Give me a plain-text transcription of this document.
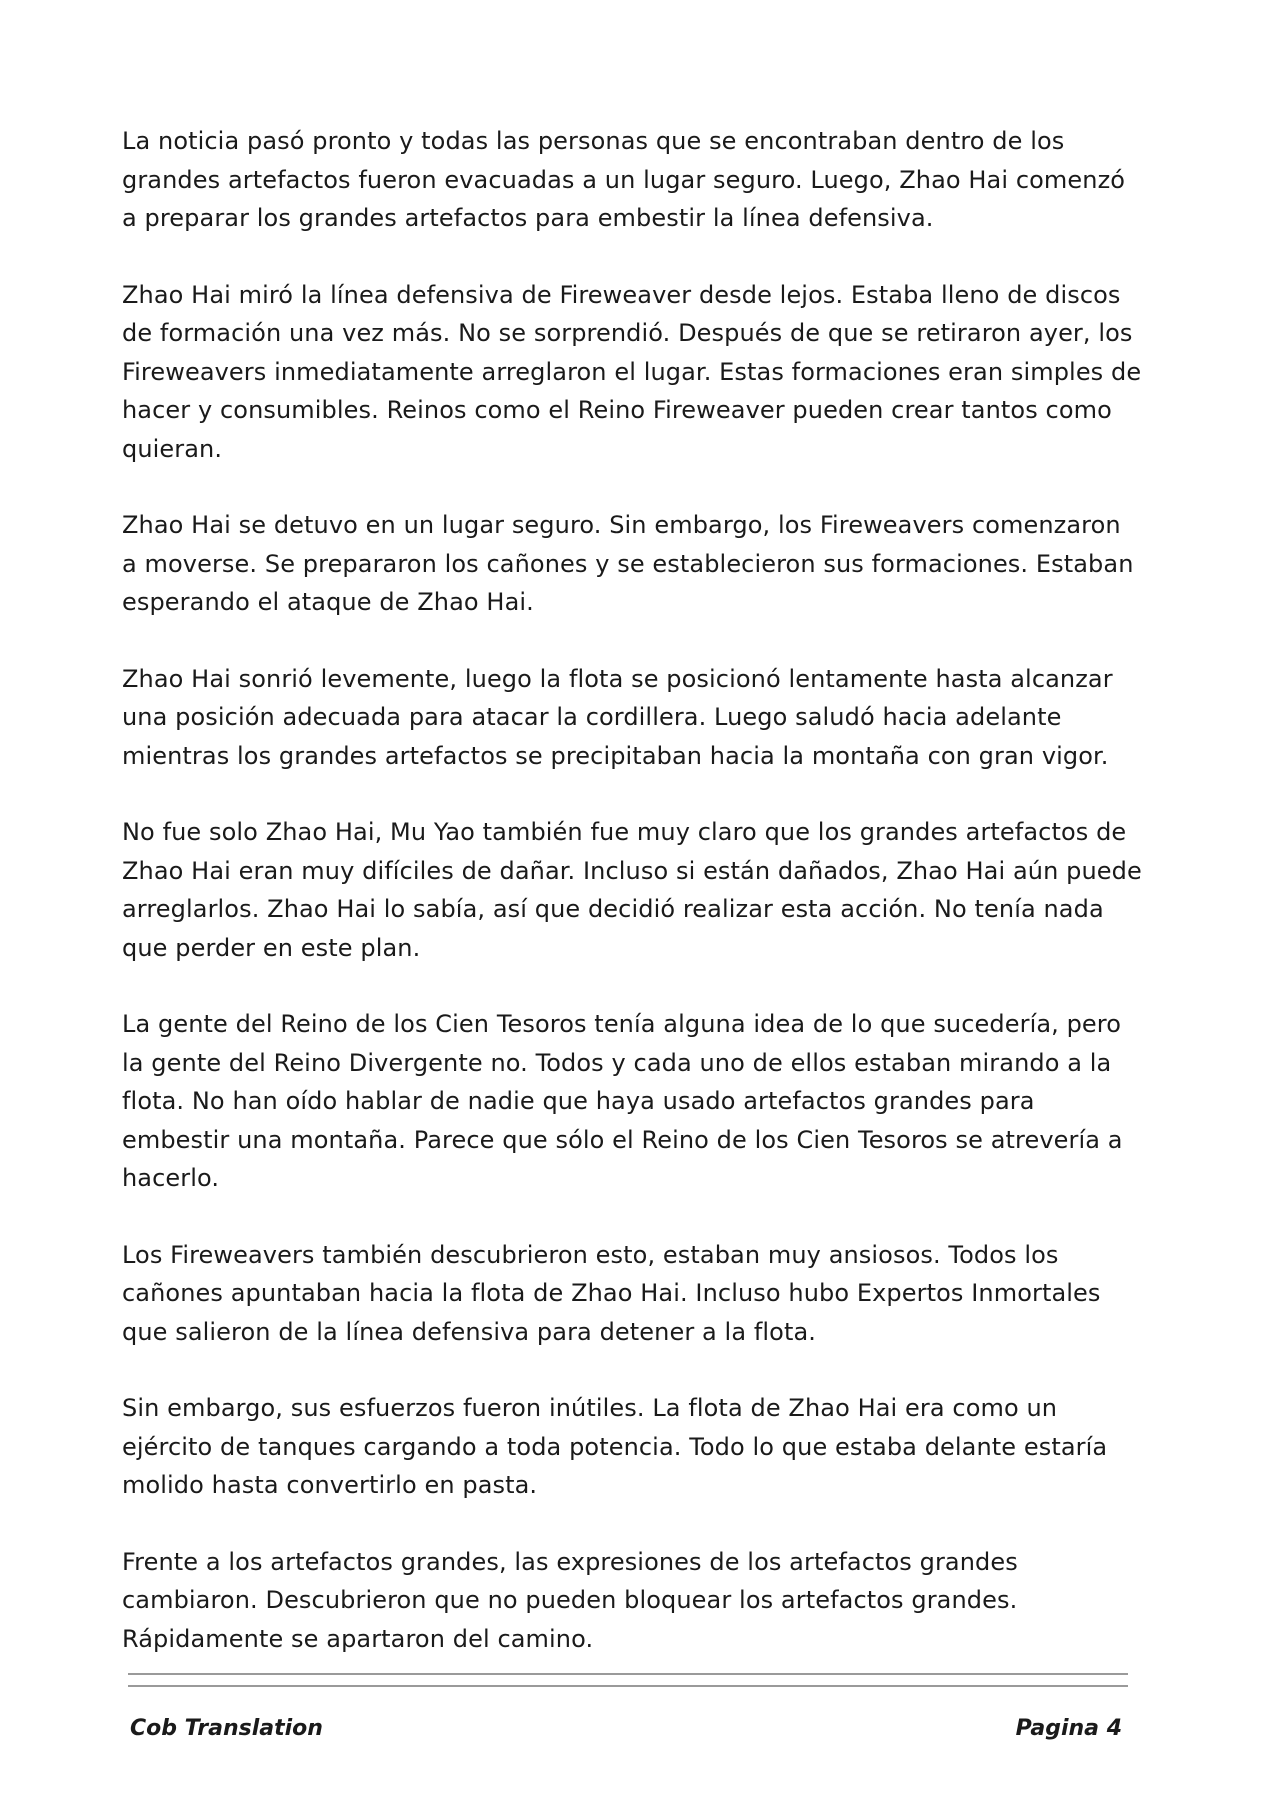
La noticia pasó pronto y todas las personas que se encontraban dentro de los grandes artefactos fueron evacuadas a un lugar seguro. Luego, Zhao Hai comenzó a preparar los grandes artefactos para embestir la línea defensiva.

Zhao Hai miró la línea defensiva de Fireweaver desde lejos. Estaba lleno de discos de formación una vez más. No se sorprendió. Después de que se retiraron ayer, los Fireweavers inmediatamente arreglaron el lugar. Estas formaciones eran simples de hacer y consumibles. Reinos como el Reino Fireweaver pueden crear tantos como quieran.

Zhao Hai se detuvo en un lugar seguro. Sin embargo, los Fireweavers comenzaron a moverse. Se prepararon los cañones y se establecieron sus formaciones. Estaban esperando el ataque de Zhao Hai.

Zhao Hai sonrió levemente, luego la flota se posicionó lentamente hasta alcanzar una posición adecuada para atacar la cordillera. Luego saludó hacia adelante mientras los grandes artefactos se precipitaban hacia la montaña con gran vigor.

No fue solo Zhao Hai, Mu Yao también fue muy claro que los grandes artefactos de Zhao Hai eran muy difíciles de dañar. Incluso si están dañados, Zhao Hai aún puede arreglarlos. Zhao Hai lo sabía, así que decidió realizar esta acción. No tenía nada que perder en este plan.

La gente del Reino de los Cien Tesoros tenía alguna idea de lo que sucedería, pero la gente del Reino Divergente no. Todos y cada uno de ellos estaban mirando a la flota. No han oído hablar de nadie que haya usado artefactos grandes para embestir una montaña. Parece que sólo el Reino de los Cien Tesoros se atrevería a hacerlo.

Los Fireweavers también descubrieron esto, estaban muy ansiosos. Todos los cañones apuntaban hacia la flota de Zhao Hai. Incluso hubo Expertos Inmortales que salieron de la línea defensiva para detener a la flota.

Sin embargo, sus esfuerzos fueron inútiles. La flota de Zhao Hai era como un ejército de tanques cargando a toda potencia. Todo lo que estaba delante estaría molido hasta convertirlo en pasta.

Frente a los artefactos grandes, las expresiones de los artefactos grandes cambiaron. Descubrieron que no pueden bloquear los artefactos grandes. Rápidamente se apartaron del camino.

Cob Translation	Pagina 4
